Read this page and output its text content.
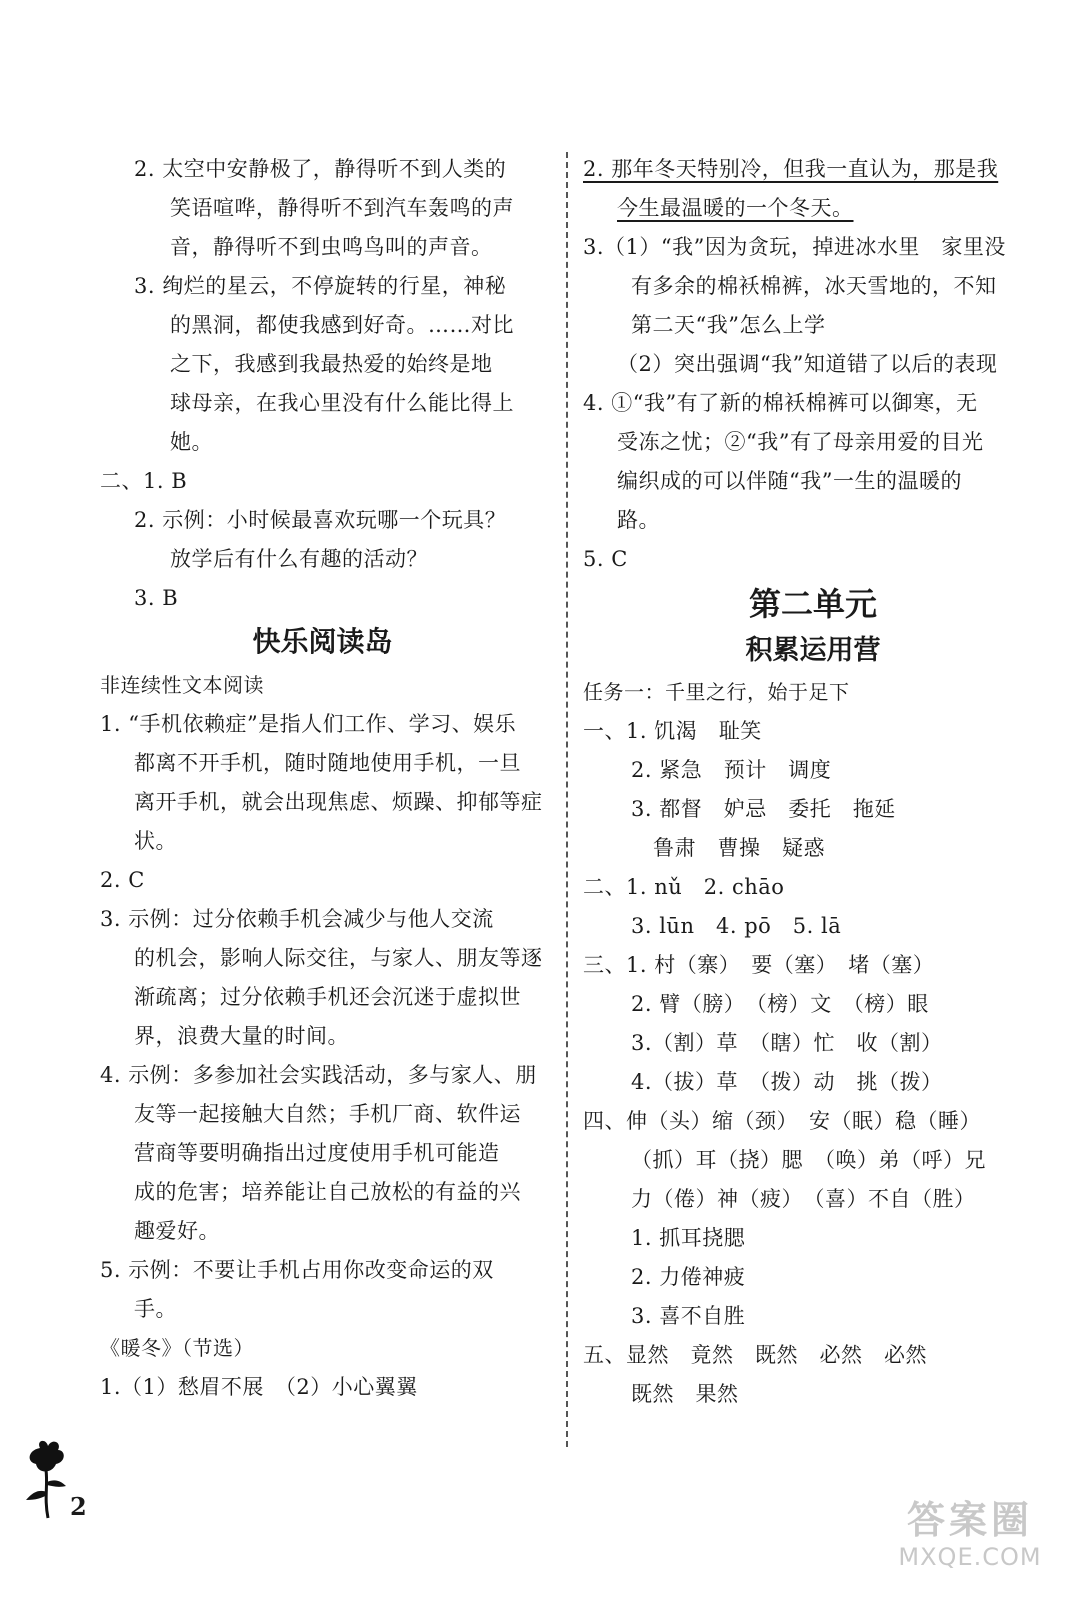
2. 太空中安静极了，静得听不到人类的
笑语喧哗，静得听不到汽车轰鸣的声
音，静得听不到虫鸣鸟叫的声音。
3. 绚烂的星云，不停旋转的行星，神秘
的黑洞，都使我感到好奇。……对比
之下，我感到我最热爱的始终是地
球母亲，在我心里没有什么能比得上
她。
二、1. B
2. 示例：小时候最喜欢玩哪一个玩具？
放学后有什么有趣的活动？
3. B
快乐阅读岛
非连续性文本阅读
1. “手机依赖症”是指人们工作、学习、娱乐
都离不开手机，随时随地使用手机，一旦
离开手机，就会出现焦虑、烦躁、抑郁等症
状。
2. C
3. 示例：过分依赖手机会减少与他人交流
的机会，影响人际交往，与家人、朋友等逐
渐疏离；过分依赖手机还会沉迷于虚拟世
界，浪费大量的时间。
4. 示例：多参加社会实践活动，多与家人、朋
友等一起接触大自然；手机厂商、软件运
营商等要明确指出过度使用手机可能造
成的危害；培养能让自己放松的有益的兴
趣爱好。
5. 示例：不要让手机占用你改变命运的双
手。
《暖冬》（节选）
1.（1）愁眉不展　（2）小心翼翼
2. 那年冬天特别冷，但我一直认为，那是我
今生最温暖的一个冬天。
3.（1）“我”因为贪玩，掉进冰水里　家里没
有多余的棉袄棉裤，冰天雪地的，不知
第二天“我”怎么上学
（2）突出强调“我”知道错了以后的表现
4. ①“我”有了新的棉袄棉裤可以御寒，无
受冻之忧；②“我”有了母亲用爱的目光
编织成的可以伴随“我”一生的温暖的
路。
5. C
第二单元
积累运用营
任务一：千里之行，始于足下
一、1. 饥渴　耻笑
2. 紧急　预计　调度
3. 都督　妒忌　委托　拖延
鲁肃　曹操　疑惑
二、1. nǔ　2. chāo
3. lūn　4. pō　5. lā
三、1. 村（寨）　要（塞）　堵（塞）
2. 臂（膀）　（榜）文　（榜）眼
3.（割）草　（瞎）忙　收（割）
4.（拔）草　（拨）动　挑（拨）
四、伸（头）缩（颈）　安（眠）稳（睡）
（抓）耳（挠）腮　（唤）弟（呼）兄
力（倦）神（疲）　（喜）不自（胜）
1. 抓耳挠腮
2. 力倦神疲
3. 喜不自胜
五、显然　竟然　既然　必然　必然
既然　果然
2	答案圈
MXQE.COM
